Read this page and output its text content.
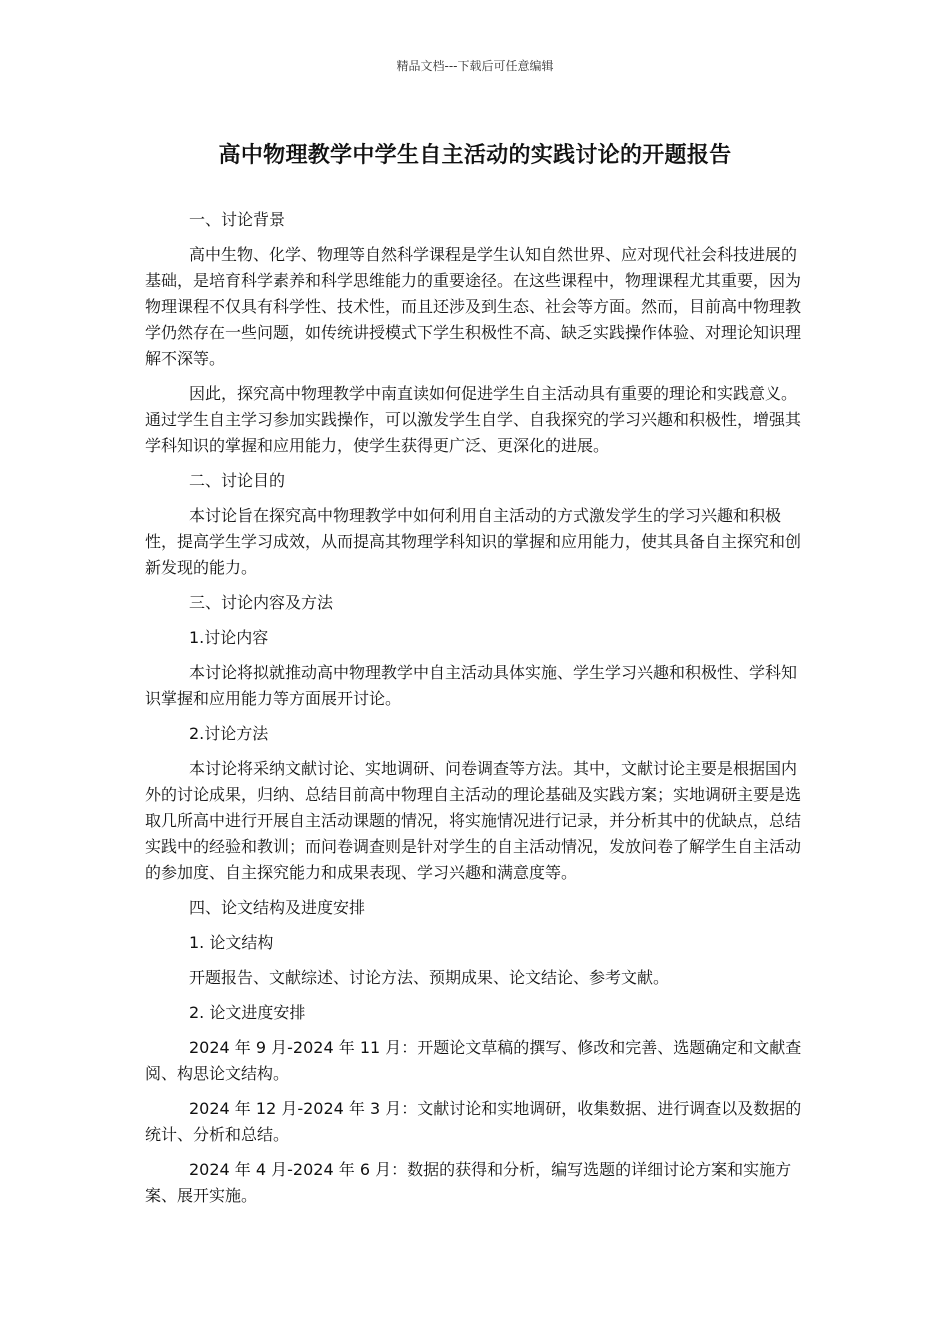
精品文档---下载后可任意编辑
高中物理教学中学生自主活动的实践讨论的开题报告

一、讨论背景

高中生物、化学、物理等自然科学课程是学生认知自然世界、应对现代社会科技进展的基础，是培育科学素养和科学思维能力的重要途径。在这些课程中，物理课程尤其重要，因为物理课程不仅具有科学性、技术性，而且还涉及到生态、社会等方面。然而，目前高中物理教学仍然存在一些问题，如传统讲授模式下学生积极性不高、缺乏实践操作体验、对理论知识理解不深等。

因此，探究高中物理教学中南直读如何促进学生自主活动具有重要的理论和实践意义。通过学生自主学习参加实践操作，可以激发学生自学、自我探究的学习兴趣和积极性，增强其学科知识的掌握和应用能力，使学生获得更广泛、更深化的进展。

二、讨论目的

本讨论旨在探究高中物理教学中如何利用自主活动的方式激发学生的学习兴趣和积极性，提高学生学习成效，从而提高其物理学科知识的掌握和应用能力，使其具备自主探究和创新发现的能力。

三、讨论内容及方法

1.讨论内容

本讨论将拟就推动高中物理教学中自主活动具体实施、学生学习兴趣和积极性、学科知识掌握和应用能力等方面展开讨论。

2.讨论方法

本讨论将采纳文献讨论、实地调研、问卷调查等方法。其中，文献讨论主要是根据国内外的讨论成果，归纳、总结目前高中物理自主活动的理论基础及实践方案；实地调研主要是选取几所高中进行开展自主活动课题的情况，将实施情况进行记录，并分析其中的优缺点，总结实践中的经验和教训；而问卷调查则是针对学生的自主活动情况，发放问卷了解学生自主活动的参加度、自主探究能力和成果表现、学习兴趣和满意度等。

四、论文结构及进度安排

1. 论文结构

开题报告、文献综述、讨论方法、预期成果、论文结论、参考文献。

2. 论文进度安排

2024 年 9 月-2024 年 11 月：开题论文草稿的撰写、修改和完善、选题确定和文献查阅、构思论文结构。

2024 年 12 月-2024 年 3 月：文献讨论和实地调研，收集数据、进行调查以及数据的统计、分析和总结。

2024 年 4 月-2024 年 6 月：数据的获得和分析，编写选题的详细讨论方案和实施方案、展开实施。
